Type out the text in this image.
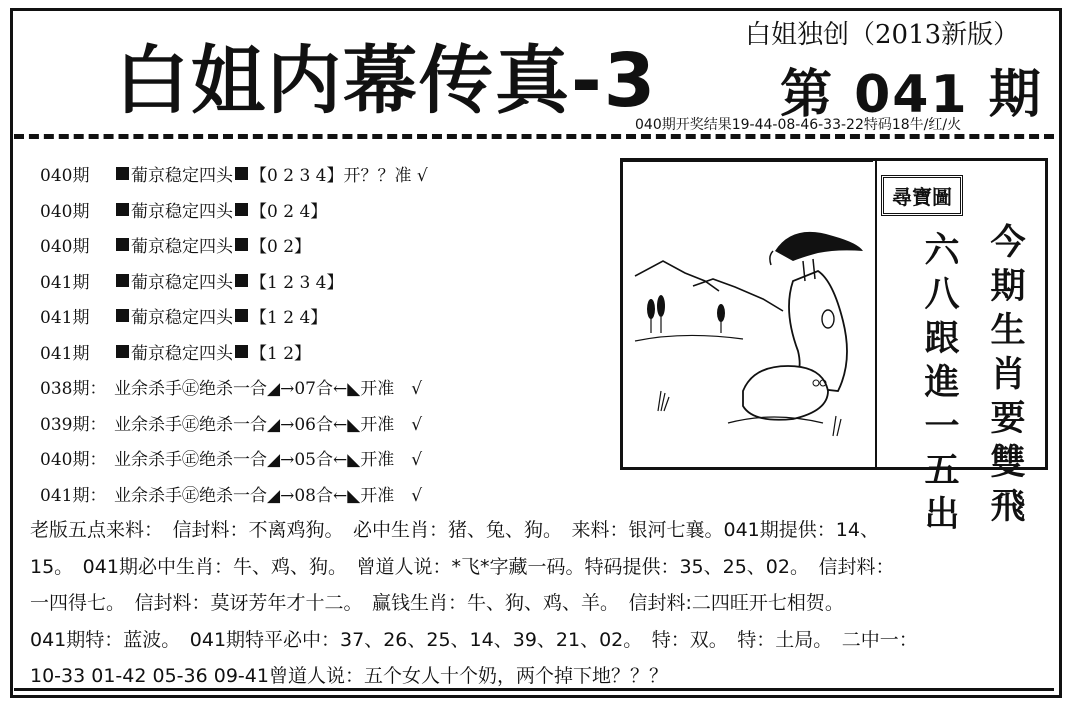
白姐内幕传真-3
白姐独创（2013新版）
第 041 期
040期开奖结果19-44-08-46-33-22特码18牛/红/火
040期	葡京稳定四头 【0 2 3 4】开？？准 √
040期	葡京稳定四头 【0 2 4】
040期	葡京稳定四头 【0 2】
041期	葡京稳定四头 【1 2 3 4】
041期	葡京稳定四头 【1 2 4】
041期	葡京稳定四头 【1 2】
038期： 业余杀手㊣绝杀一合◢→07合←◣开准　√
039期： 业余杀手㊣绝杀一合◢→06合←◣开准　√
040期： 业余杀手㊣绝杀一合◢→05合←◣开准　√
041期： 业余杀手㊣绝杀一合◢→08合←◣开准　√
尋寶圖
今
期
生
肖
要
雙
飛
六
八
跟
進
一
五
出
老版五点来料：　信封料：不离鸡狗。　必中生肖：猪、兔、狗。　来料：银河七襄。041期提供：14、
15。　041期必中生肖：牛、鸡、狗。　曾道人说：*飞*字藏一码。特码提供：35、25、02。　信封料：
一四得七。　信封料：莫讶芳年才十二。　赢钱生肖：牛、狗、鸡、羊。　信封料:二四旺开七相贺。
041期特：蓝波。　041期特平必中：37、26、25、14、39、21、02。　特：双。　特：土局。　二中一：
10-33 01-42 05-36 09-41曾道人说：五个女人十个奶，两个掉下地？？？
